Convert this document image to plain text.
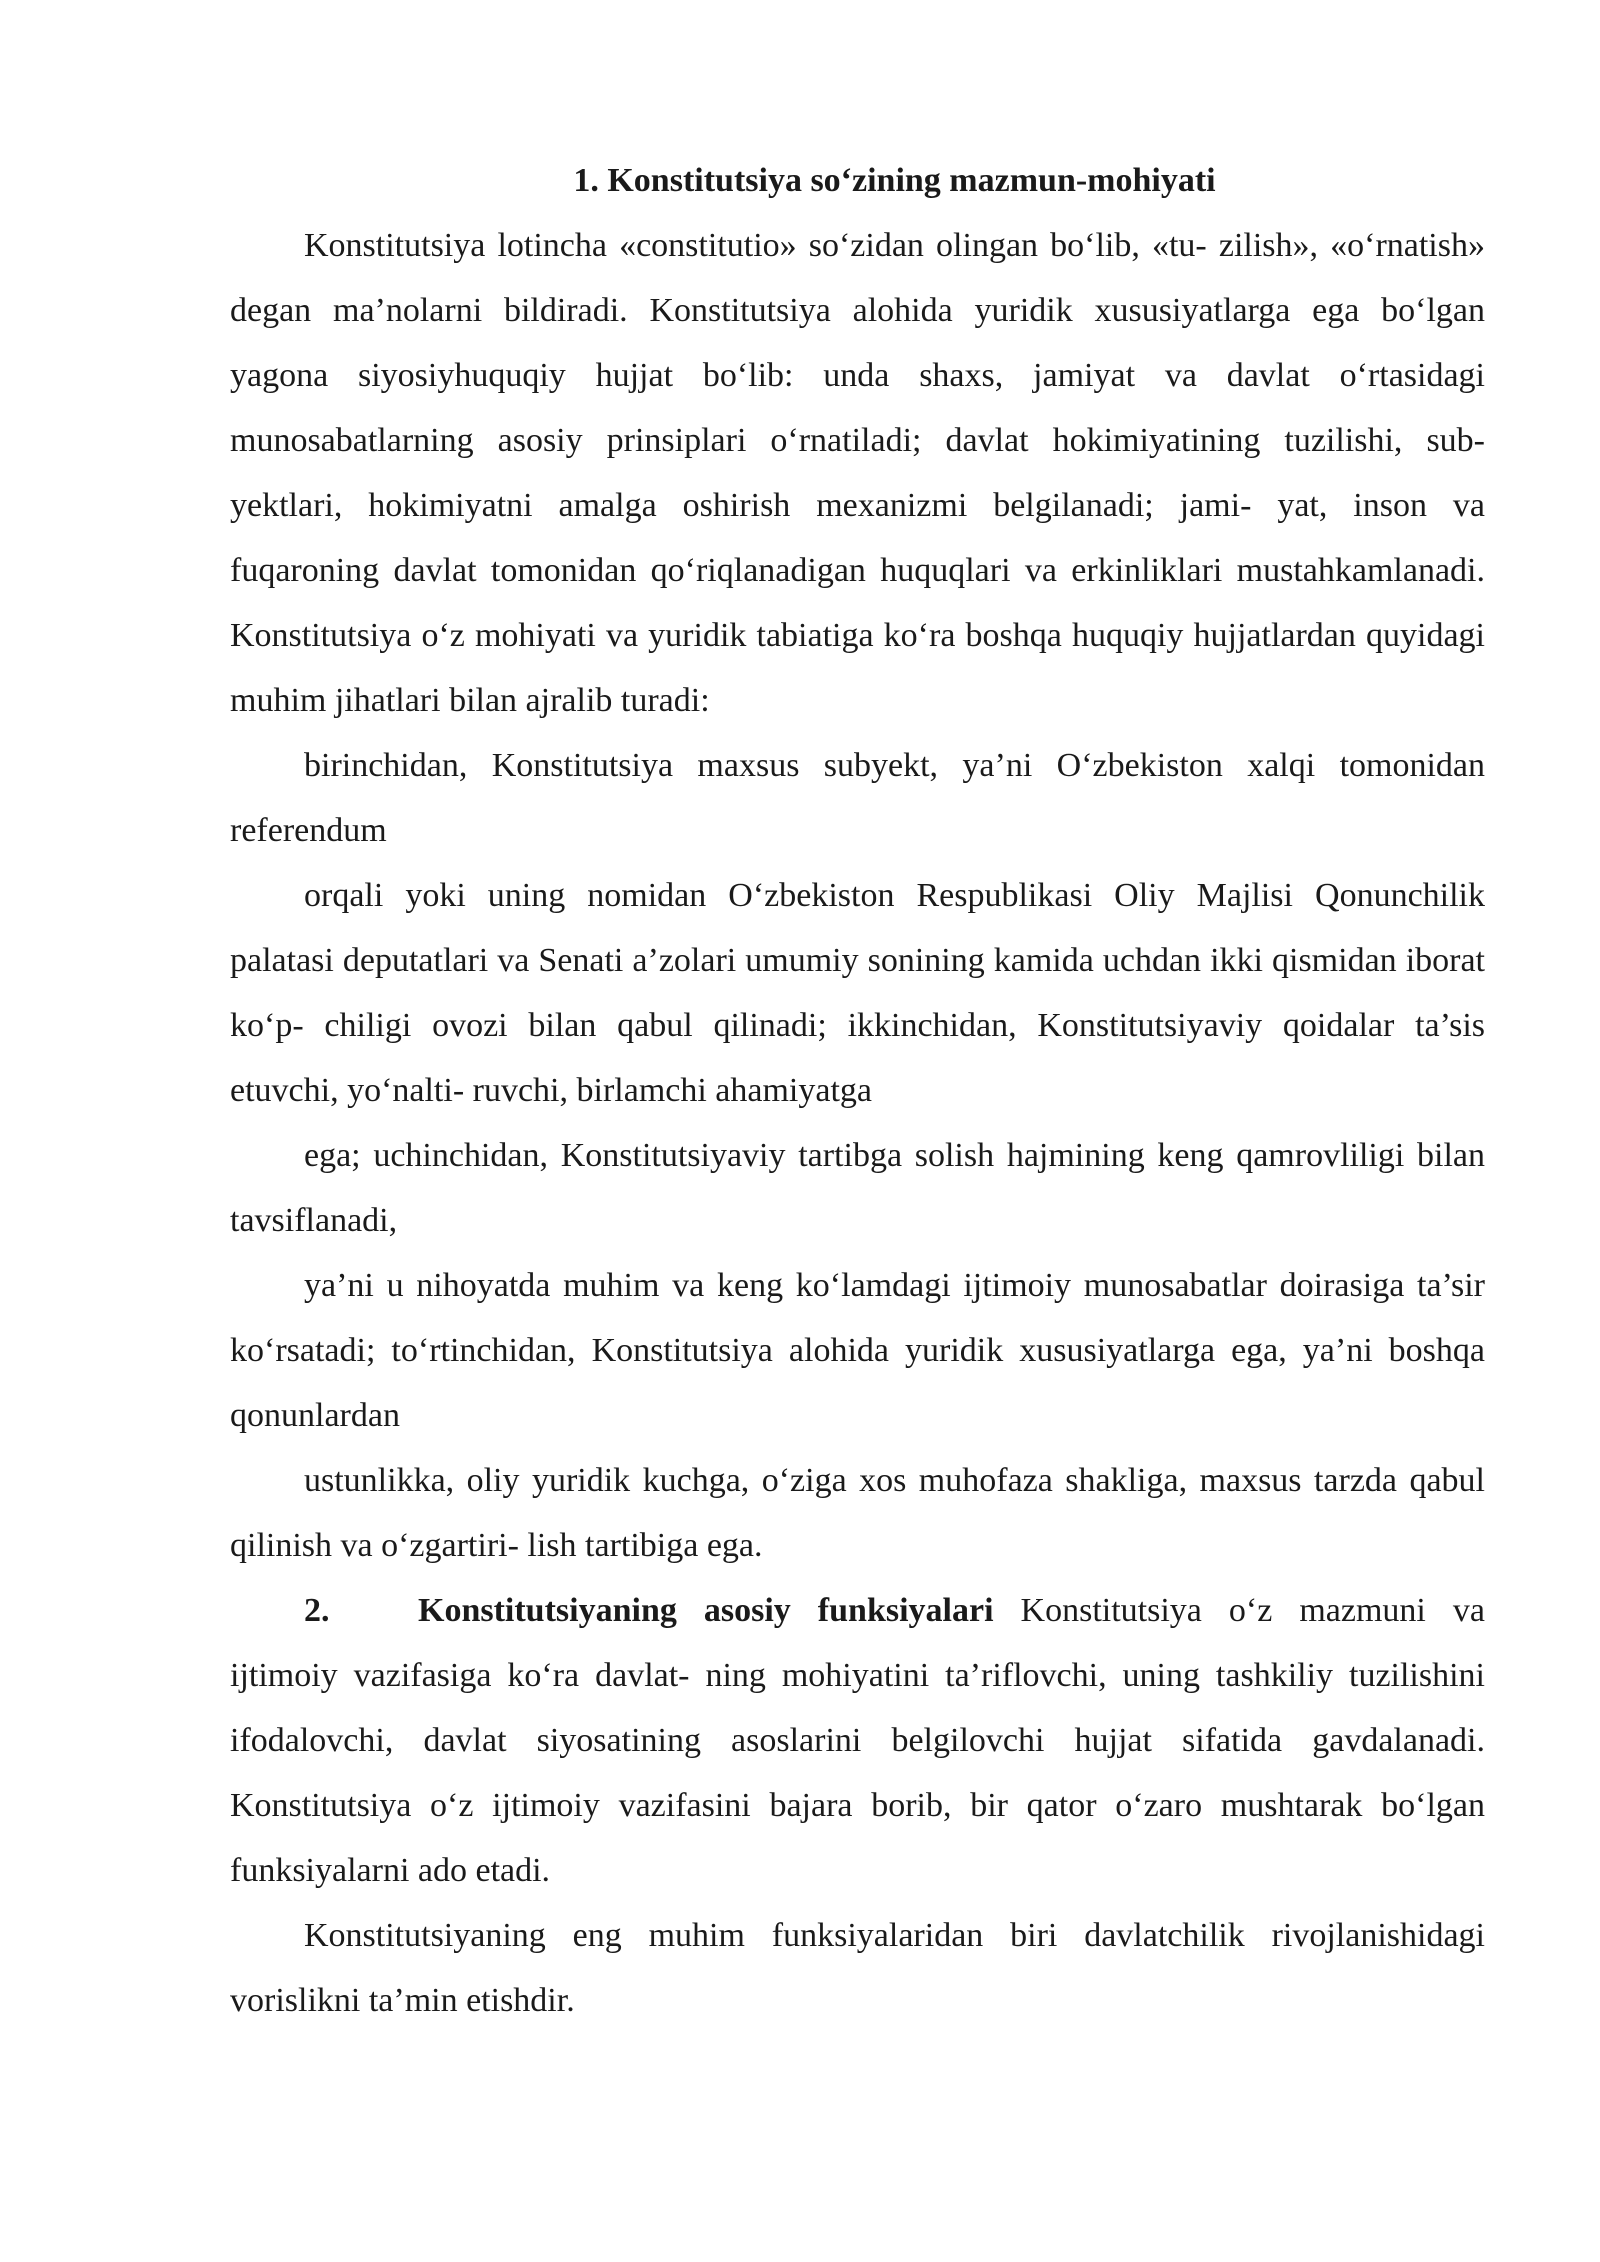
1. Konstitutsiya so‘zining mazmun-mohiyati

Konstitutsiya lotincha «constitutio» so‘zidan olingan bo‘lib, «tu- zilish», «o‘rnatish» degan ma’nolarni bildiradi. Konstitutsiya alohida yuridik xususiyatlarga ega bo‘lgan yagona siyosiyhuquqiy hujjat bo‘lib: unda shaxs, jamiyat va davlat o‘rtasidagi munosabatlarning asosiy prinsiplari o‘rnatiladi; davlat hokimiyatining tuzilishi, sub- yektlari, hokimiyatni amalga oshirish mexanizmi belgilanadi; jami- yat, inson va fuqaroning davlat tomonidan qo‘riqlanadigan huquqlari va erkinliklari mustahkamlanadi. Konstitutsiya o‘z mohiyati va yuridik tabiatiga ko‘ra boshqa huquqiy hujjatlardan quyidagi muhim jihatlari bilan ajralib turadi:

birinchidan, Konstitutsiya maxsus subyekt, ya’ni O‘zbekiston xalqi tomonidan referendum

orqali yoki uning nomidan O‘zbekiston Respublikasi Oliy Majlisi Qonunchilik palatasi deputatlari va Senati a’zolari umumiy sonining kamida uchdan ikki qismidan iborat ko‘p- chiligi ovozi bilan qabul qilinadi; ikkinchidan, Konstitutsiyaviy qoidalar ta’sis etuvchi, yo‘nalti- ruvchi, birlamchi ahamiyatga

ega; uchinchidan, Konstitutsiyaviy tartibga solish hajmining keng qamrovliligi bilan tavsiflanadi,

ya’ni u nihoyatda muhim va keng ko‘lamdagi ijtimoiy munosabatlar doirasiga ta’sir ko‘rsatadi; to‘rtinchidan, Konstitutsiya alohida yuridik xususiyatlarga ega, ya’ni boshqa qonunlardan

ustunlikka, oliy yuridik kuchga, o‘ziga xos muhofaza shakliga, maxsus tarzda qabul qilinish va o‘zgartiri- lish tartibiga ega.

2.	Konstitutsiyaning asosiy funksiyalari Konstitutsiya o‘z mazmuni va ijtimoiy vazifasiga ko‘ra davlat- ning mohiyatini ta’riflovchi, uning tashkiliy tuzilishini ifodalovchi, davlat siyosatining asoslarini belgilovchi hujjat sifatida gavdalanadi. Konstitutsiya o‘z ijtimoiy vazifasini bajara borib, bir qator o‘zaro mushtarak bo‘lgan funksiyalarni ado etadi.

Konstitutsiyaning eng muhim funksiyalaridan biri davlatchilik rivojlanishidagi vorislikni ta’min etishdir.
